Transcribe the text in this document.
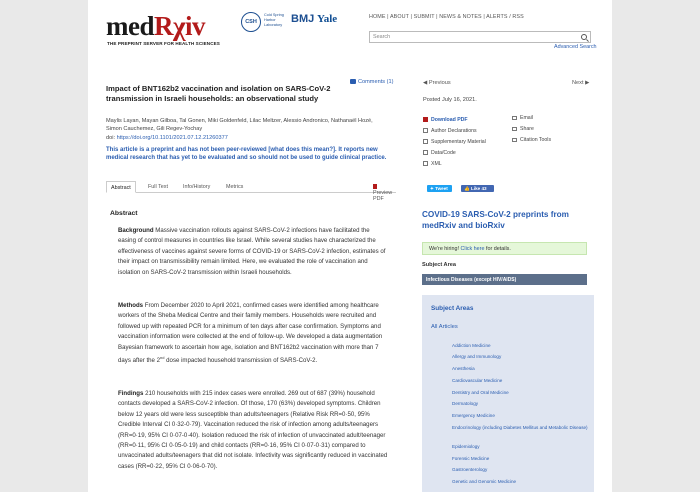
medRχiv
THE PREPRINT SERVER FOR HEALTH SCIENCES
CSH
Cold Spring Harbor Laboratory BMJ Yale	HOME | ABOUT | SUBMIT | NEWS & NOTES | ALERTS / RSS
Search
Advanced Search
Impact of BNT162b2 vaccination and isolation on SARS-CoV-2 transmission in Israeli households: an observational study
Comments (1)
Maylis Layan, Mayan Gilboa, Tal Gonen, Miki Goldenfeld, Lilac Meltzer, Alessio Andronico, Nathanaël Hozé, Simon Cauchemez, Gili Regev-Yochay
doi: https://doi.org/10.1101/2021.07.12.21260377
This article is a preprint and has not been peer-reviewed [what does this mean?]. It reports new medical research that has yet to be evaluated and so should not be used to guide clinical practice.
Abstract	Full Text	Info/History	Metrics
Preview PDF
Abstract
Background Massive vaccination rollouts against SARS-CoV-2 infections have facilitated the easing of control measures in countries like Israel. While several studies have characterized the effectiveness of vaccines against severe forms of COVID-19 or SARS-CoV-2 infection, estimates of their impact on transmissibility remain limited. Here, we evaluated the role of vaccination and isolation on SARS-CoV-2 transmission within Israeli households.
Methods From December 2020 to April 2021, confirmed cases were identified among healthcare workers of the Sheba Medical Centre and their family members. Households were recruited and followed up with repeated PCR for a minimum of ten days after case confirmation. Symptoms and vaccination information were collected at the end of follow-up. We developed a data augmentation Bayesian framework to ascertain how age, isolation and BNT162b2 vaccination with more than 7 days after the 2nd dose impacted household transmission of SARS-CoV-2.
Findings 210 households with 215 index cases were enrolled. 269 out of 687 (39%) household contacts developed a SARS-CoV-2 infection. Of those, 170 (63%) developed symptoms. Children below 12 years old were less susceptible than adults/teenagers (Relative Risk RR=0·50, 95% Credible Interval CI 0·32-0·79). Vaccination reduced the risk of infection among adults/teenagers (RR=0·19, 95% CI 0·07-0·40). Isolation reduced the risk of infection of unvaccinated adult/teenager (RR=0·11, 95% CI 0·05-0·19) and child contacts (RR=0·16, 95% CI 0·07-0·31) compared to unvaccinated adults/teenagers that did not isolate. Infectivity was significantly reduced in vaccinated cases (RR=0·22, 95% CI 0·06-0·70).
◀ Previous	Next ▶
Posted July 16, 2021.
Download PDF
Author Declarations
Supplementary Material
Data/Code
XML
Email
Share
Citation Tools
✦ Tweet	👍 Like 43
COVID-19 SARS-CoV-2 preprints from medRxiv and bioRxiv
We're hiring! Click here for details.
Subject Area
Infectious Diseases (except HIV/AIDS)
Subject Areas
All Articles
Addiction Medicine
Allergy and Immunology
Anesthesia
Cardiovascular Medicine
Dentistry and Oral Medicine
Dermatology
Emergency Medicine
Endocrinology (including Diabetes Mellitus and Metabolic Disease)
Epidemiology
Forensic Medicine
Gastroenterology
Genetic and Genomic Medicine
